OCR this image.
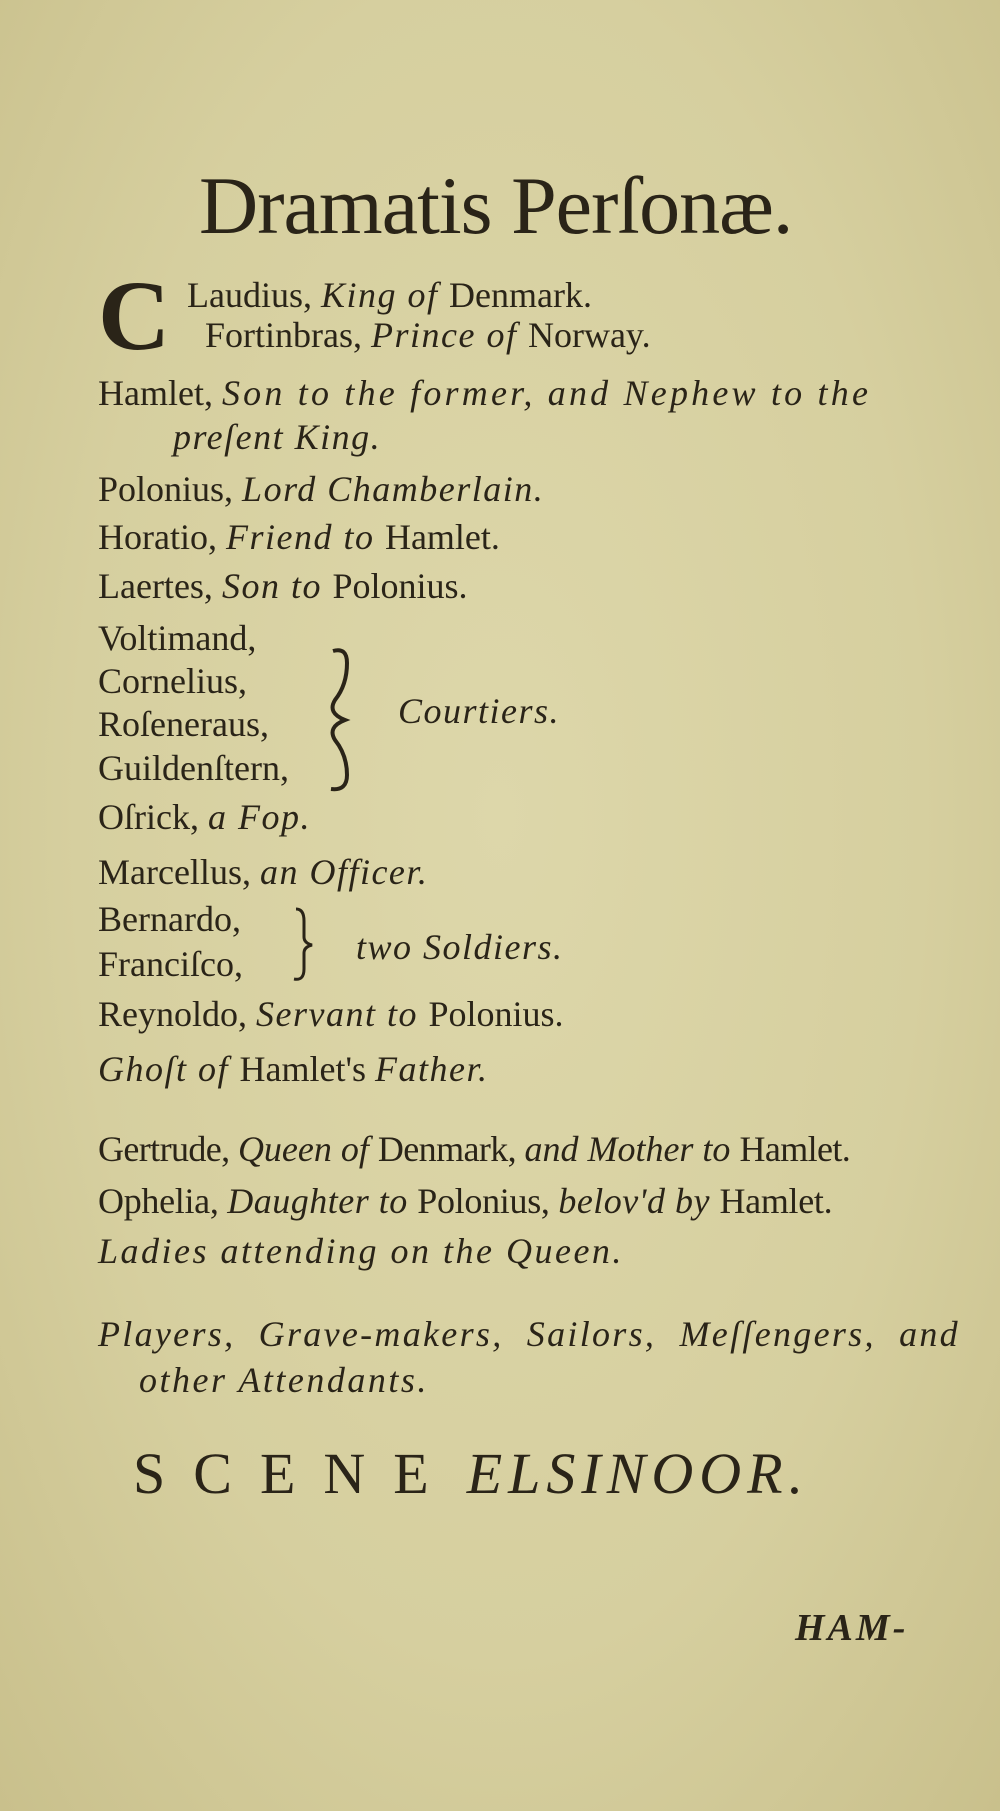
Dramatis Perſonæ.
C Laudius, King of Denmark.
Fortinbras, Prince of Norway.
Hamlet, Son to the former, and Nephew to the
preſent King.
Polonius, Lord Chamberlain.
Horatio, Friend to Hamlet.
Laertes, Son to Polonius.
Voltimand,
Cornelius,
Roſeneraus,
Guildenſtern,
Courtiers.
Oſrick, a Fop.
Marcellus, an Officer.
Bernardo,
Franciſco,	two Soldiers.
Reynoldo, Servant to Polonius.
Ghoſt of Hamlet's Father.
Gertrude, Queen of Denmark, and Mother to Hamlet.
Ophelia, Daughter to Polonius, belov'd by Hamlet.
Ladies attending on the Queen.
Players, Grave-makers, Sailors, Meſſengers, and
other Attendants.
SCENE ELSINOOR.
HAM-
